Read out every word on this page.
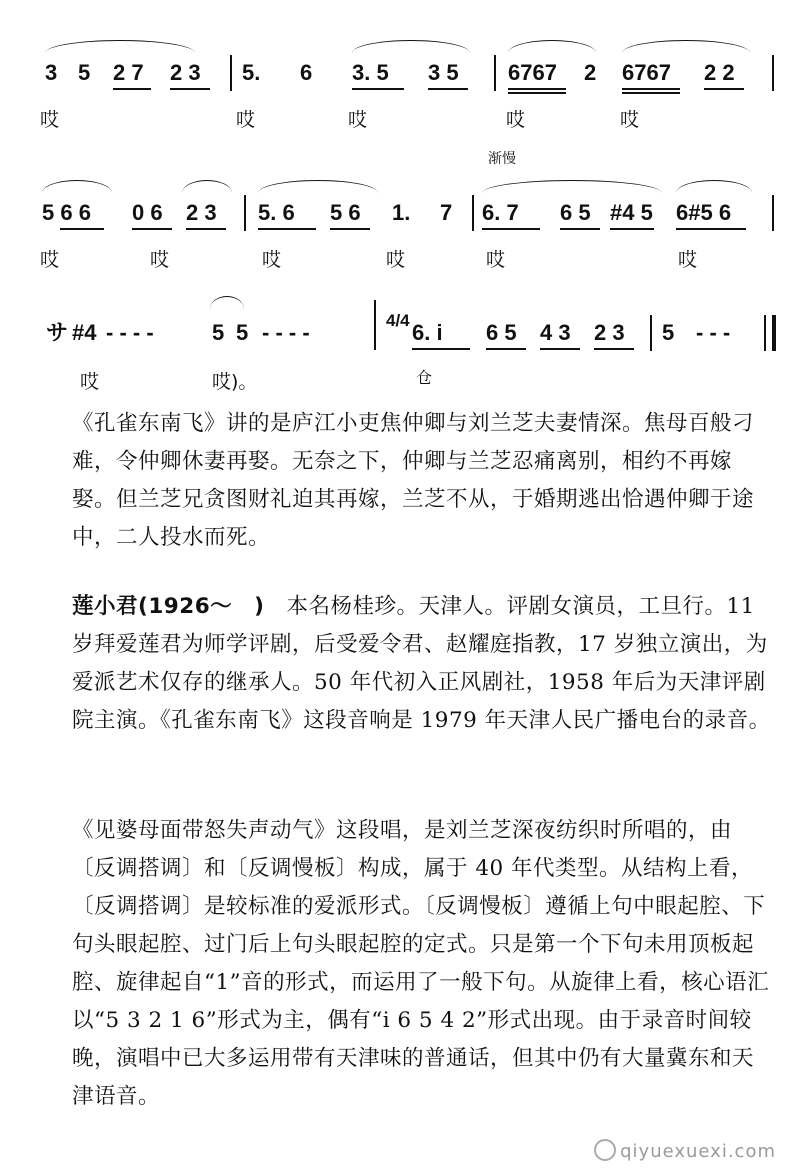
3 5 2 7 2 3 5. 6 3. 5 3 5 6767 2 6767 2 2
哎	哎	哎	哎	哎
渐慢
5 6 6 0 6 2 3 5. 6 5 6 1. 7 6. 7 6 5 #4 5 6#5 6
哎	哎	哎	哎	哎	哎
サ #4 - - - -	5 5 - - - -	4/4 6. i 6 5 4 3 2 3 5 - - -
哎	哎)。	仓

《孔雀东南飞》讲的是庐江小吏焦仲卿与刘兰芝夫妻情深。焦母百般刁难，令仲卿休妻再娶。无奈之下，仲卿与兰芝忍痛离别，相约不再嫁娶。但兰芝兄贪图财礼迫其再嫁，兰芝不从，于婚期逃出恰遇仲卿于途中，二人投水而死。

莲小君(1926～　)　本名杨桂珍。天津人。评剧女演员，工旦行。11 岁拜爱莲君为师学评剧，后受爱令君、赵耀庭指教，17 岁独立演出，为爱派艺术仅存的继承人。50 年代初入正风剧社，1958 年后为天津评剧院主演。《孔雀东南飞》这段音响是 1979 年天津人民广播电台的录音。

《见婆母面带怒失声动气》这段唱，是刘兰芝深夜纺织时所唱的，由〔反调搭调〕和〔反调慢板〕构成，属于 40 年代类型。从结构上看，〔反调搭调〕是较标准的爱派形式。〔反调慢板〕遵循上句中眼起腔、下句头眼起腔、过门后上句头眼起腔的定式。只是第一个下句未用顶板起腔、旋律起自“1”音的形式，而运用了一般下句。从旋律上看，核心语汇以“5 3 2 1 6”形式为主，偶有“i 6 5 4 2”形式出现。由于录音时间较晚，演唱中已大多运用带有天津味的普通话，但其中仍有大量冀东和天津语音。

qiyuexuexi.com
